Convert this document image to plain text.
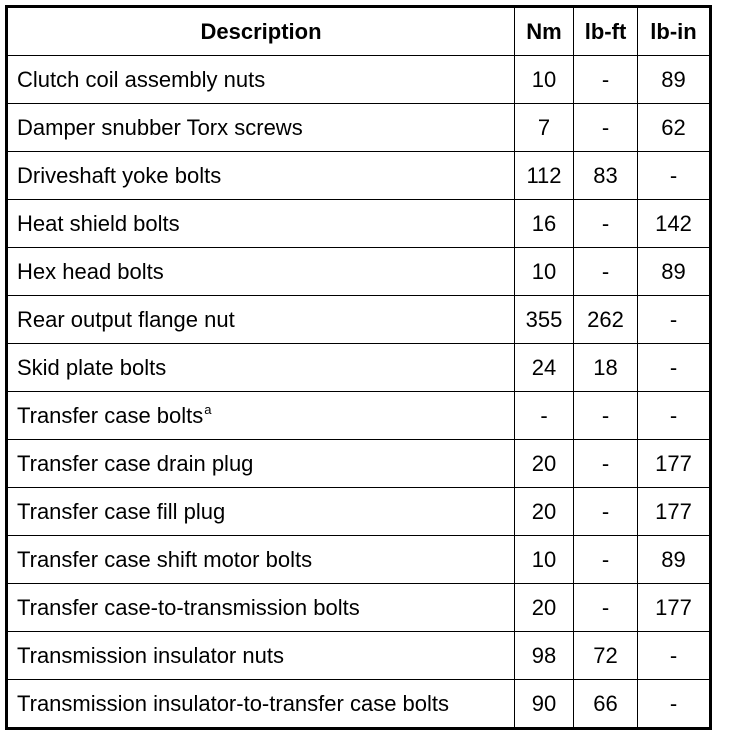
Description	Nm	lb-ft	lb-in
Clutch coil assembly nuts	10	-	89
Damper snubber Torx screws	7	-	62
Driveshaft yoke bolts	112	83	-
Heat shield bolts	16	-	142
Hex head bolts	10	-	89
Rear output flange nut	355	262	-
Skid plate bolts	24	18	-
Transfer case bolts$^a$	-	-	-
Transfer case drain plug	20	-	177
Transfer case fill plug	20	-	177
Transfer case shift motor bolts	10	-	89
Transfer case-to-transmission bolts	20	-	177
Transmission insulator nuts	98	72	-
Transmission insulator-to-transfer case bolts	90	66	-
